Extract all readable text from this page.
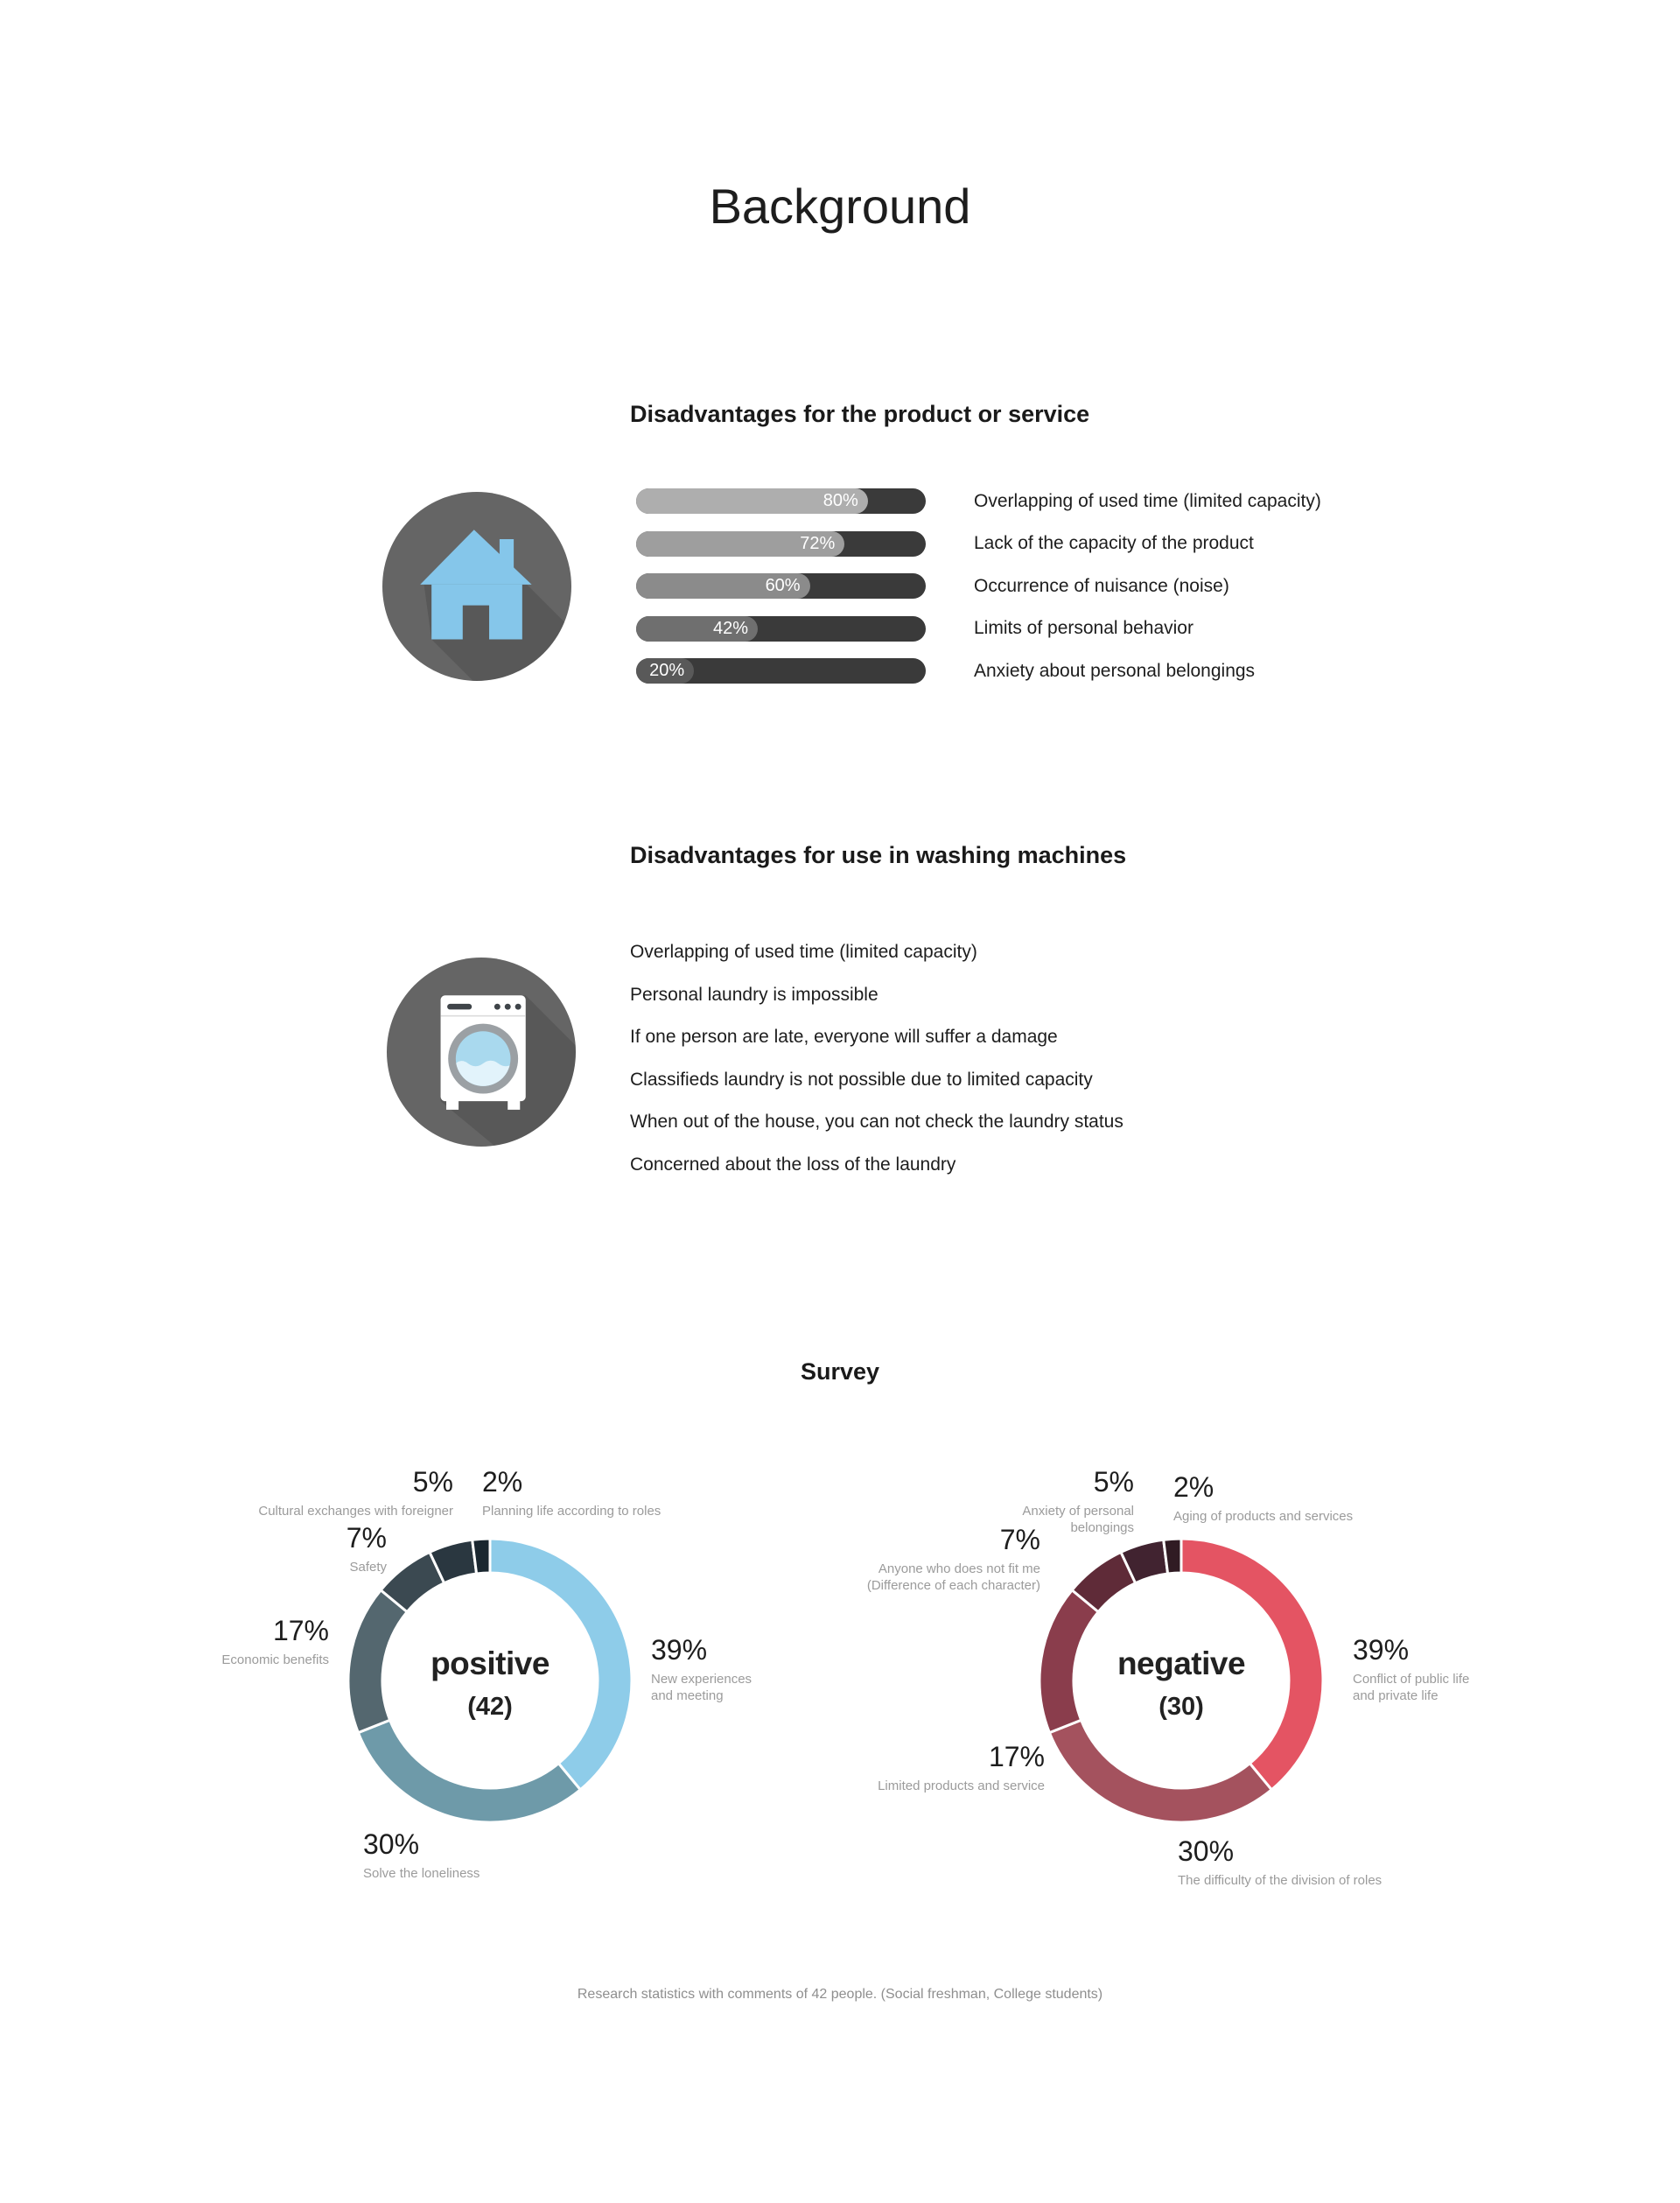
Background
Disadvantages for the product or service
80%
72%
60%
42%
20%
Overlapping of used time (limited capacity)
Lack of the capacity of the product
Occurrence of nuisance (noise)
Limits of personal behavior
Anxiety about personal belongings
Disadvantages for use in washing machines
Overlapping of used time (limited capacity)
Personal laundry is impossible
If one person are late, everyone will suffer a damage
Classifieds laundry is not possible due to limited capacity
When out of the house, you can not check the laundry status
Concerned about the loss of the laundry
Survey
positive
(42)
39%
New experiences
and meeting
30%
Solve the loneliness
17%
Economic benefits
7%
Safety
5%
Cultural exchanges with foreigner
2%
Planning life according to roles
negative
(30)
39%
Conflict of public life
and private life
30%
The difficulty of the division of roles
17%
Limited products and service
7%
Anyone who does not fit me
(Difference of each character)
5%
Anxiety of personal
belongings
2%
Aging of products and services
Research statistics with comments of 42 people. (Social freshman, College students)
